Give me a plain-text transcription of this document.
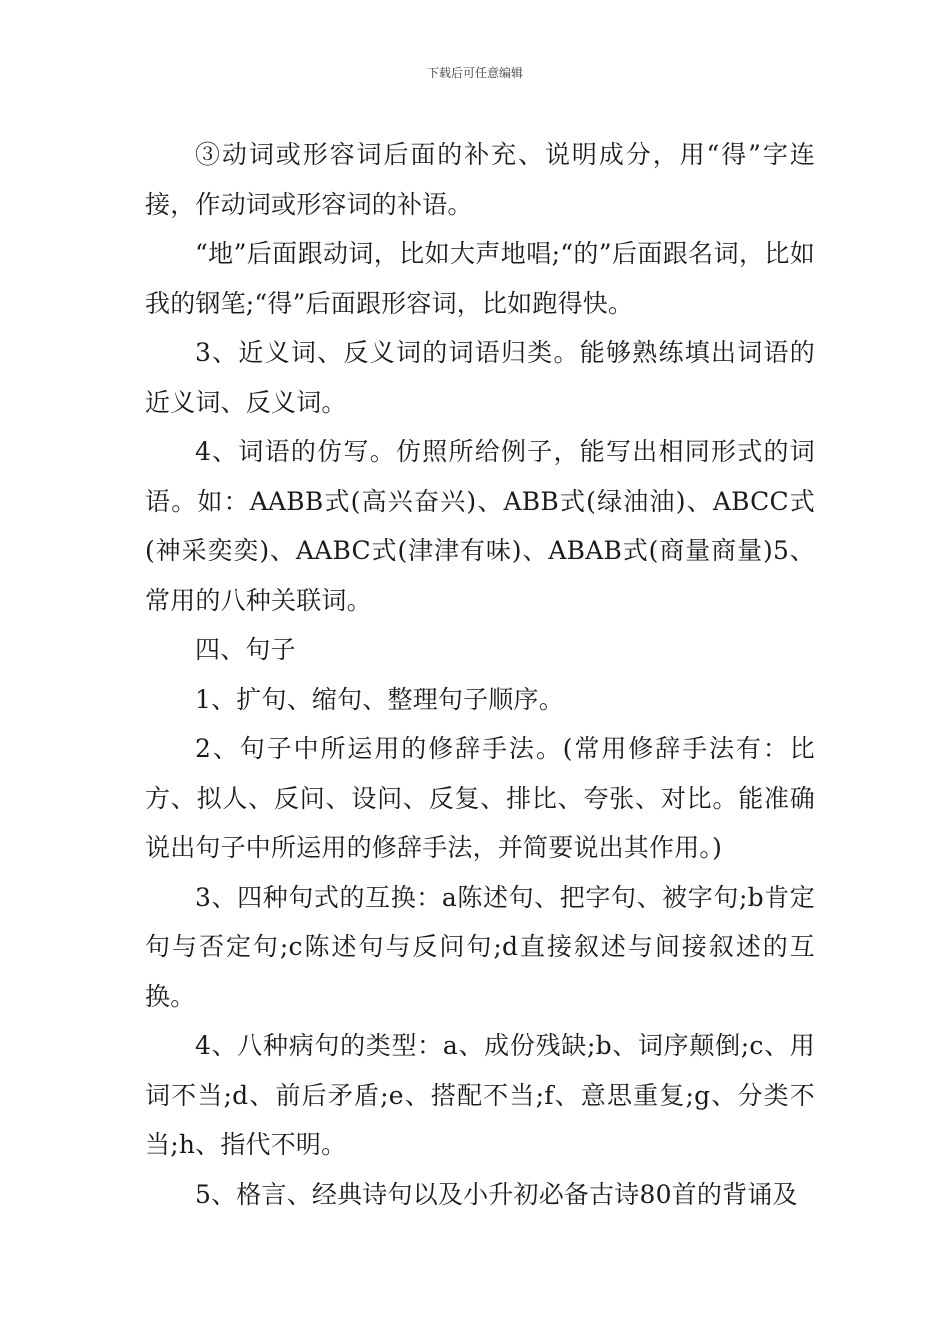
下载后可任意编辑

③动词或形容词后面的补充、说明成分，用“得”字连接，作动词或形容词的补语。

“地”后面跟动词，比如大声地唱;“的”后面跟名词，比如我的钢笔;“得”后面跟形容词，比如跑得快。

3、近义词、反义词的词语归类。能够熟练填出词语的近义词、反义词。

4、词语的仿写。仿照所给例子，能写出相同形式的词语。如：AABB式(高兴奋兴)、ABB式(绿油油)、ABCC式(神采奕奕)、AABC式(津津有味)、ABAB式(商量商量)5、常用的八种关联词。

四、句子

1、扩句、缩句、整理句子顺序。

2、句子中所运用的修辞手法。(常用修辞手法有：比方、拟人、反问、设问、反复、排比、夸张、对比。能准确说出句子中所运用的修辞手法，并简要说出其作用。)

3、四种句式的互换：a陈述句、把字句、被字句;b肯定句与否定句;c陈述句与反问句;d直接叙述与间接叙述的互换。

4、八种病句的类型：a、成份残缺;b、词序颠倒;c、用词不当;d、前后矛盾;e、搭配不当;f、意思重复;g、分类不当;h、指代不明。

5、格言、经典诗句以及小升初必备古诗80首的背诵及
